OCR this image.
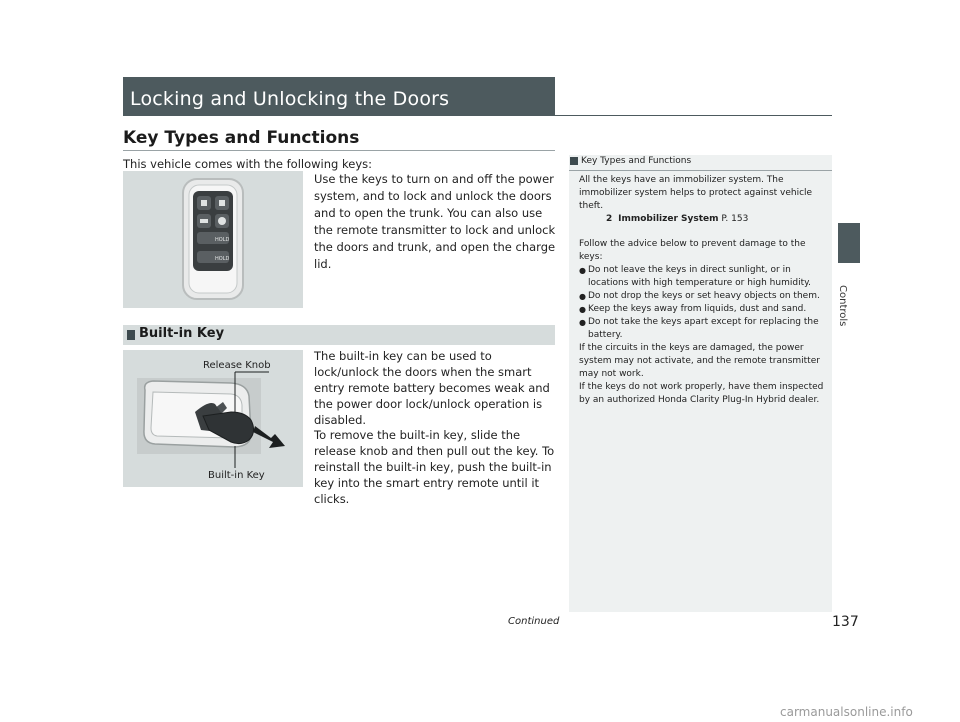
Locking and Unlocking the Doors
Key Types and Functions
This vehicle comes with the following keys:
HOLD
HOLD
Use the keys to turn on and off the power system, and to lock and unlock the doors and to open the trunk. You can also use the remote transmitter to lock and unlock the doors and trunk, and open the charge lid.
Built-in Key
Release Knob
Built-in Key
The built-in key can be used to lock/unlock the doors when the smart entry remote battery becomes weak and the power door lock/unlock operation is disabled.
To remove the built-in key, slide the release knob and then pull out the key. To reinstall the built-in key, push the built-in key into the smart entry remote until it clicks.
Key Types and Functions

All the keys have an immobilizer system. The immobilizer system helps to protect against vehicle theft.

2 Immobilizer System P. 153

Follow the advice below to prevent damage to the keys:

● Do not leave the keys in direct sunlight, or in locations with high temperature or high humidity.
● Do not drop the keys or set heavy objects on them.
● Keep the keys away from liquids, dust and sand.
● Do not take the keys apart except for replacing the battery.

If the circuits in the keys are damaged, the power system may not activate, and the remote transmitter may not work.

If the keys do not work properly, have them inspected by an authorized Honda Clarity Plug-In Hybrid dealer.

Controls
Continued	137
carmanualsonline.info
